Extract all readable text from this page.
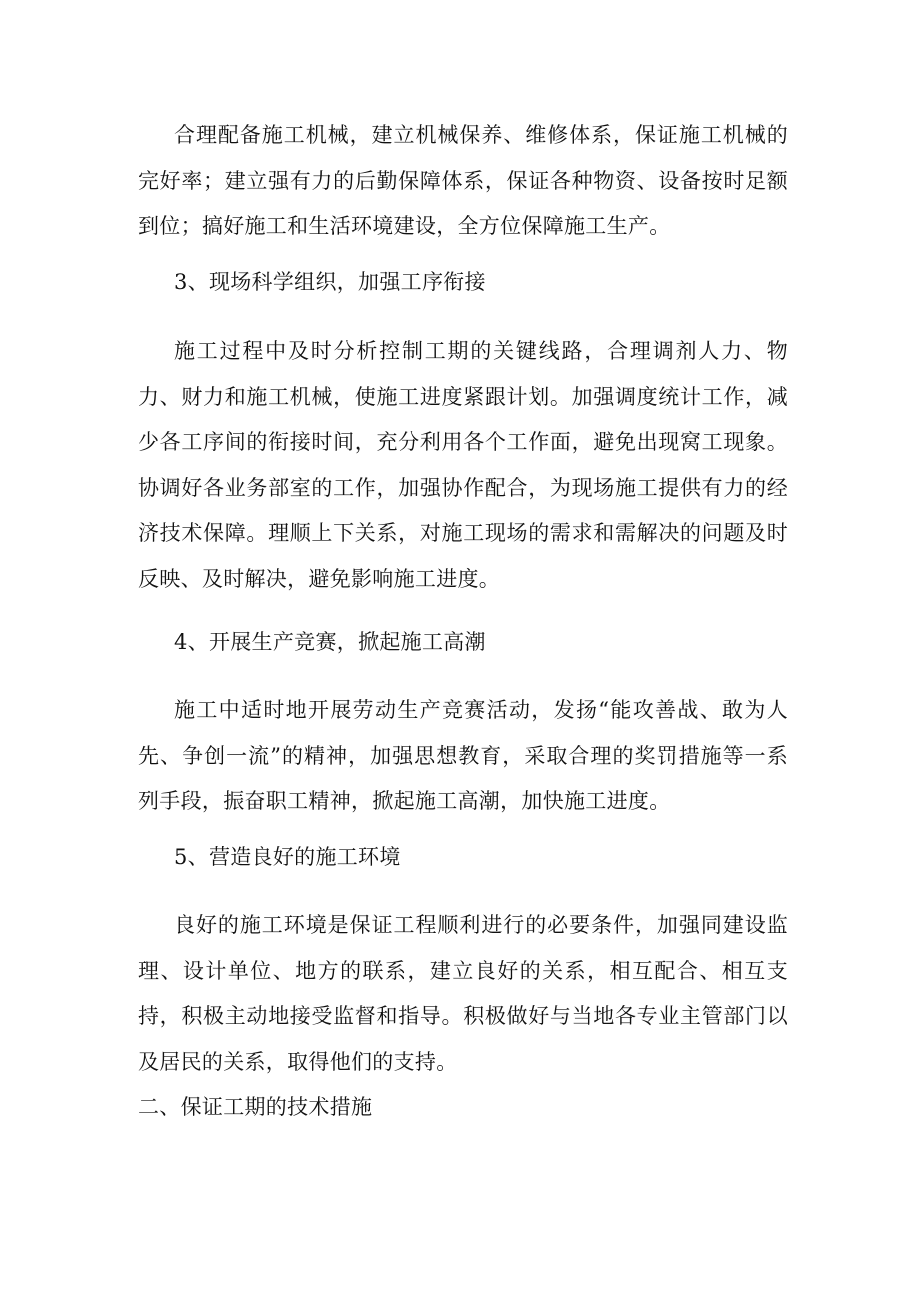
合理配备施工机械，建立机械保养、维修体系，保证施工机械的完好率；建立强有力的后勤保障体系，保证各种物资、设备按时足额到位；搞好施工和生活环境建设，全方位保障施工生产。

3、现场科学组织，加强工序衔接

施工过程中及时分析控制工期的关键线路，合理调剂人力、物力、财力和施工机械，使施工进度紧跟计划。加强调度统计工作，减少各工序间的衔接时间，充分利用各个工作面，避免出现窝工现象。协调好各业务部室的工作，加强协作配合，为现场施工提供有力的经济技术保障。理顺上下关系，对施工现场的需求和需解决的问题及时反映、及时解决，避免影响施工进度。

4、开展生产竞赛，掀起施工高潮

施工中适时地开展劳动生产竞赛活动，发扬“能攻善战、敢为人先、争创一流”的精神，加强思想教育，采取合理的奖罚措施等一系列手段，振奋职工精神，掀起施工高潮，加快施工进度。

5、营造良好的施工环境

良好的施工环境是保证工程顺利进行的必要条件，加强同建设监理、设计单位、地方的联系，建立良好的关系，相互配合、相互支持，积极主动地接受监督和指导。积极做好与当地各专业主管部门以及居民的关系，取得他们的支持。

二、保证工期的技术措施
